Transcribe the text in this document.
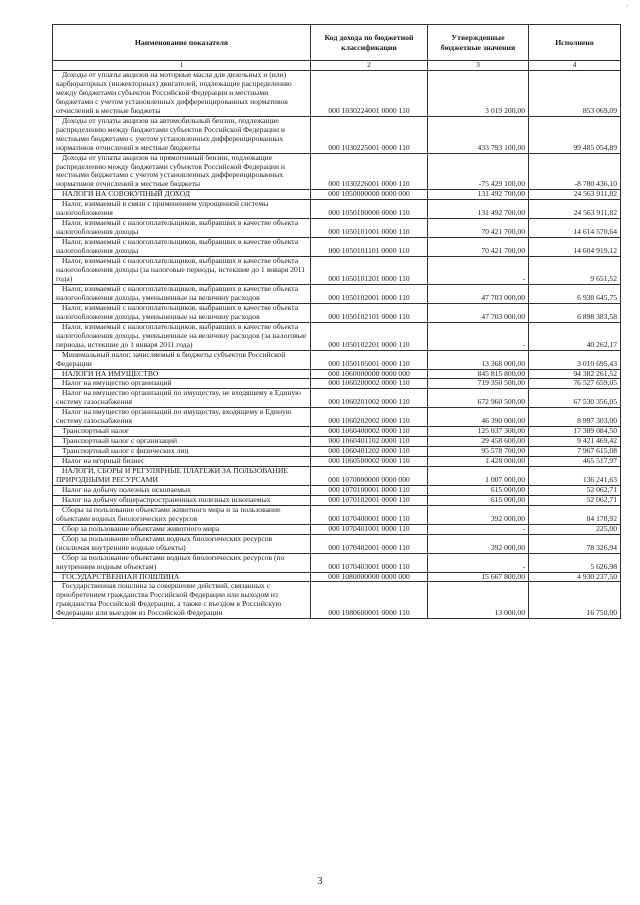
·
Наименование показателя	Код дохода по бюджетной классификации	Утвержденные бюджетные значения	Исполнено
1	2	3	4
Доходы от уплаты акцизов на моторные масла для дизельных и (или) карбюраторных (инжекторных) двигателей, подлежащие распределению между бюджетами субъектов Российской Федерации и местными бюджетами с учетом установленных дифференцированных нормативов отчислений в местные бюджеты	000 1030224001 0000 110	3 019 200,00	853 069,09
Доходы от уплаты акцизов на автомобильный бензин, подлежащие распределению между бюджетами субъектов Российской Федерации и местными бюджетами с учетом установленных дифференцированных нормативов отчислений в местные бюджеты	000 1030225001 0000 110	433 793 100,00	99 485 054,89
Доходы от уплаты акцизов на прямогонный бензин, подлежащие распределению между бюджетами субъектов Российской Федерации и местными бюджетами с учетом установленных дифференцированных нормативов отчислений в местные бюджеты	000 1030226001 0000 110	-75 429 100,00	-8 780 436,10
НАЛОГИ НА СОВОКУПНЫЙ ДОХОД	000 1050000000 0000 000	131 492 700,00	24 563 911,82
Налог, взимаемый в связи с применением упрощенной системы налогообложения	000 1050100000 0000 110	131 492 700,00	24 563 911,82
Налог, взимаемый с налогоплательщиков, выбравших в качестве объекта налогообложения доходы	000 1050101001 0000 110	70 421 700,00	14 614 570,64
Налог, взимаемый с налогоплательщиков, выбравших в качестве объекта налогообложения доходы	000 1050101101 0000 110	70 421 700,00	14 604 919,12
Налог, взимаемый с налогоплательщиков, выбравших в качестве объекта налогообложения доходы (за налоговые периоды, истекшие до 1 января 2011 года)	000 1050101201 0000 110	-	9 651,52
Налог, взимаемый с налогоплательщиков, выбравших в качестве объекта налогообложения доходы, уменьшенные на величину расходов	000 1050102001 0000 110	47 703 000,00	6 938 645,75
Налог, взимаемый с налогоплательщиков, выбравших в качестве объекта налогообложения доходы, уменьшенные на величину расходов	000 1050102101 0000 110	47 703 000,00	6 898 383,58
Налог, взимаемый с налогоплательщиков, выбравших в качестве объекта налогообложения доходы, уменьшенные на величину расходов (за налоговые периоды, истекшие до 1 января 2011 года)	000 1050102201 0000 110	-	40 262,17
Минимальный налог, зачисляемый в бюджеты субъектов Российской Федерации	000 1050105001 0000 110	13 368 000,00	3 010 695,43
НАЛОГИ НА ИМУЩЕСТВО	000 1060000000 0000 000	845 815 800,00	94 382 261,52
Налог на имущество организаций	000 1060200002 0000 110	719 350 500,00	76 527 659,05
Налог на имущество организаций по имуществу, не входящему в Единую систему газоснабжения	000 1060201002 0000 110	672 960 500,00	67 530 356,05
Налог на имущество организаций по имуществу, входящему в Единую систему газоснабжения	000 1060202002 0000 110	46 390 000,00	8 997 303,00
Транспортный налог	000 1060400002 0000 110	125 037 300,00	17 389 084,50
Транспортный налог с организаций	000 1060401102 0000 110	29 458 600,00	9 421 469,42
Транспортный налог с физических лиц	000 1060401202 0000 110	95 578 700,00	7 967 615,08
Налог на игорный бизнес	000 1060500002 0000 110	1 428 000,00	465 517,97
НАЛОГИ, СБОРЫ И РЕГУЛЯРНЫЕ ПЛАТЕЖИ ЗА ПОЛЬЗОВАНИЕ ПРИРОДНЫМИ РЕСУРСАМИ	000 1070000000 0000 000	1 007 000,00	136 241,63
Налог на добычу полезных ископаемых	000 1070100001 0000 110	615 000,00	52 062,71
Налог на добычу общераспространенных полезных ископаемых	000 1070102001 0000 110	615 000,00	52 062,71
Сборы за пользование объектами животного мира и за пользование объектами водных биологических ресурсов	000 1070400001 0000 110	392 000,00	84 178,92
Сбор за пользование объектами животного мира	000 1070401001 0000 110	-	225,00
Сбор за пользование объектами водных биологических ресурсов (исключая внутренние водные объекты)	000 1070402001 0000 110	392 000,00	78 326,94
Сбор за пользование объектами водных биологических ресурсов (по внутренним водным объектам)	000 1070403001 0000 110	-	5 626,98
ГОСУДАРСТВЕННАЯ ПОШЛИНА	000 1080000000 0000 000	15 667 800,00	4 930 237,50
Государственная пошлина за совершение действий, связанных с приобретением гражданства Российской Федерации или выходом из гражданства Российской Федерации, а также с въездом в Российскую Федерацию или выездом из Российской Федерации	000 1080600001 0000 110	13 000,00	16 750,00
3
